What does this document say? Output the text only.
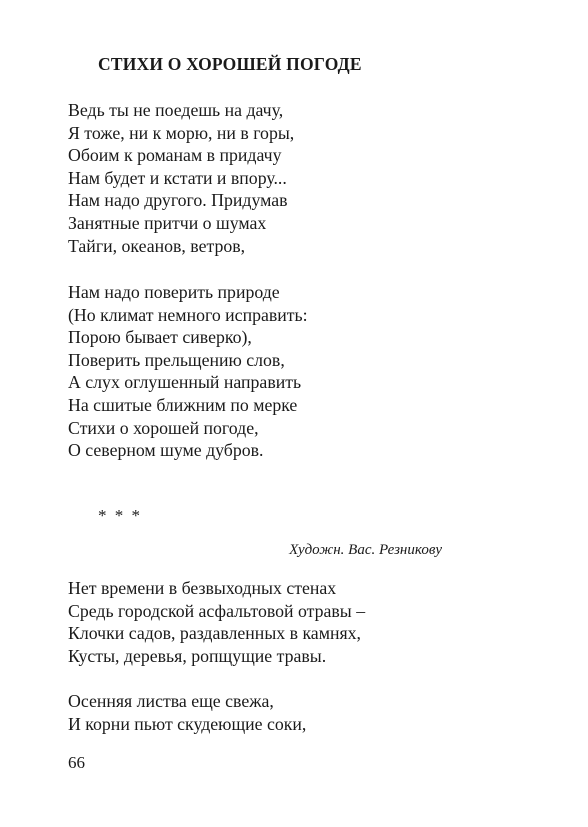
СТИХИ О ХОРОШЕЙ ПОГОДЕ
Ведь ты не поедешь на дачу,
Я тоже, ни к морю, ни в горы,
Обоим к романам в придачу
Нам будет и кстати и впору...
Нам надо другого. Придумав
Занятные притчи о шумах
Тайги, океанов, ветров,
Нам надо поверить природе
(Но климат немного исправить:
Порою бывает сиверко),
Поверить прельщению слов,
А слух оглушенный направить
На сшитые ближним по мерке
Стихи о хорошей погоде,
О северном шуме дубров.
* * *
Художн. Вас. Резникову
Нет времени в безвыходных стенах
Средь городской асфальтовой отравы –
Клочки садов, раздавленных в камнях,
Кусты, деревья, ропщущие травы.
Осенняя листва еще свежа,
И корни пьют скудеющие соки,
66
